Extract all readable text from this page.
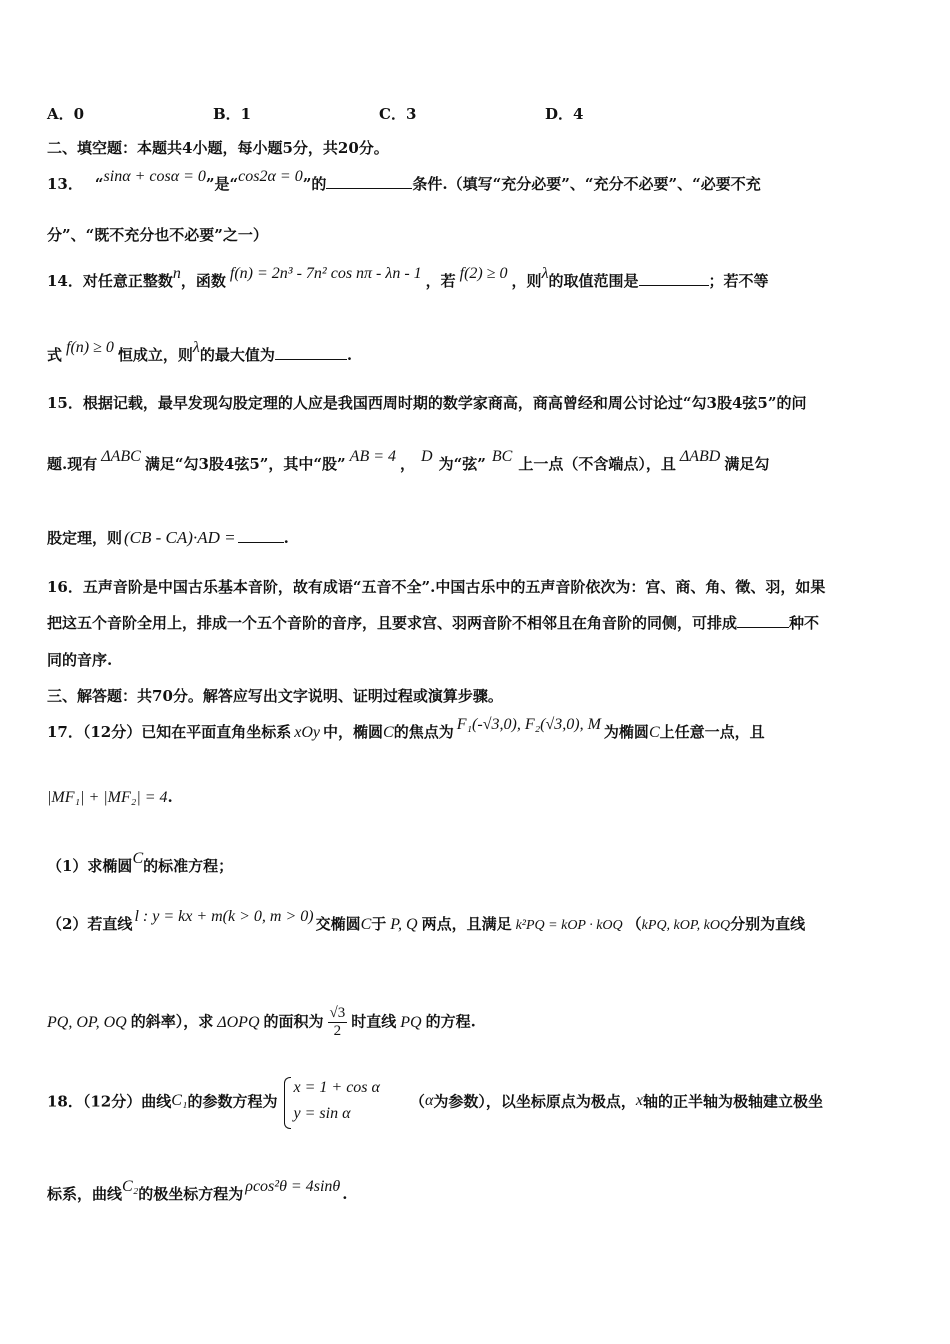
A．0	B．1	C．3	D．4
二、填空题：本题共4小题，每小题5分，共20分。
13． “sinα + cosα = 0”是“cos2α = 0”的	条件.（填写“充分必要”、“充分不必要”、“必要不充
分”、“既不充分也不必要”之一）
14．对任意正整数n，函数 f(n) = 2n³ - 7n² cos nπ - λn - 1 ，若 f(2) ≥ 0 ，则λ的取值范围是	；若不等
式 f(n) ≥ 0 恒成立，则λ的最大值为	.
15．根据记载，最早发现勾股定理的人应是我国西周时期的数学家商高，商高曾经和周公讨论过“勾3股4弦5”的问
题.现有 ΔABC 满足“勾3股4弦5”，其中“股” AB = 4 ， D 为“弦” BC 上一点（不含端点），且 ΔABD 满足勾
股定理，则 (CB - CA)·AD =	.
16．五声音阶是中国古乐基本音阶，故有成语“五音不全”.中国古乐中的五声音阶依次为：宫、商、角、徵、羽，如果
把这五个音阶全用上，排成一个五个音阶的音序，且要求宫、羽两音阶不相邻且在角音阶的同侧，可排成	种不
同的音序.
三、解答题：共70分。解答应写出文字说明、证明过程或演算步骤。
17．（12分）已知在平面直角坐标系 xOy 中，椭圆C的焦点为 F₁(-√3,0), F₂(√3,0), M 为椭圆C上任意一点，且
|MF₁| + |MF₂| = 4.
（1）求椭圆C的标准方程；
（2）若直线 l : y = kx + m(k > 0, m > 0) 交椭圆C于 P, Q 两点，且满足 k²PQ = kOP · kOQ （kPQ, kOP, kOQ分别为直线
PQ, OP, OQ 的斜率），求 ΔOPQ 的面积为 $\frac{√3}{2}$ 时直线 PQ 的方程.
18．（12分）曲线C₁的参数方程为
x = 1 + cos α
y = sin α
（α为参数），以坐标原点为极点，x轴的正半轴为极轴建立极坐
标系，曲线C₂的极坐标方程为 ρcos²θ = 4sinθ .
